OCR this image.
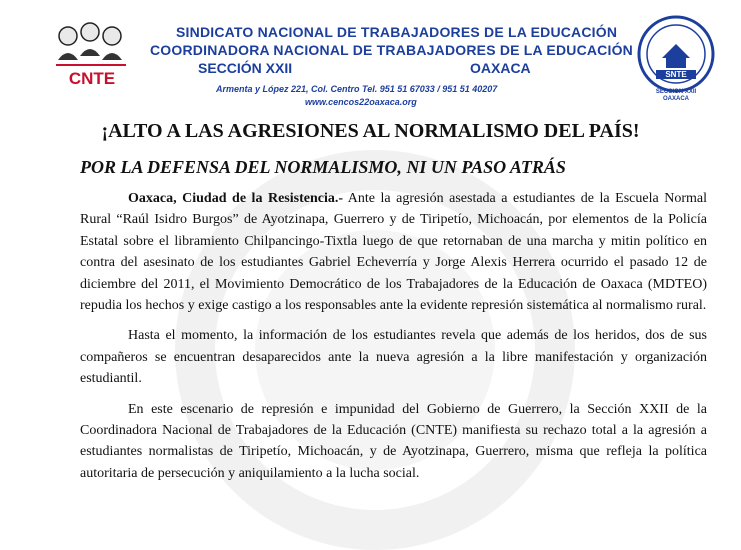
CNTE
SINDICATO NACIONAL DE TRABAJADORES DE LA EDUCACIÓN
COORDINADORA NACIONAL DE TRABAJADORES DE LA EDUCACIÓN
SECCIÓN XXII	OAXACA
Armenta y López 221, Col. Centro Tel. 951 51 67033 / 951 51 40207
www.cencos22oaxaca.org
SNTE
SECCION XXII
OAXACA
¡ALTO A LAS AGRESIONES AL NORMALISMO DEL PAÍS!
POR LA DEFENSA DEL NORMALISMO, NI UN PASO ATRÁS

Oaxaca, Ciudad de la Resistencia.- Ante la agresión asestada a estudiantes de la Escuela Normal Rural “Raúl Isidro Burgos” de Ayotzinapa, Guerrero y de Tiripetío, Michoacán, por elementos de la Policía Estatal sobre el libramiento Chilpancingo-Tixtla luego de que retornaban de una marcha y mitin político en contra del asesinato de los estudiantes Gabriel Echeverría y Jorge Alexis Herrera ocurrido el pasado 12 de diciembre del 2011, el Movimiento Democrático de los Trabajadores de la Educación de Oaxaca (MDTEO) repudia los hechos y exige castigo a los responsables ante la evidente represión sistemática al normalismo rural.

Hasta el momento, la información de los estudiantes revela que además de los heridos, dos de sus compañeros se encuentran desaparecidos ante la nueva agresión a la libre manifestación y organización estudiantil.

En este escenario de represión e impunidad del Gobierno de Guerrero, la Sección XXII de la Coordinadora Nacional de Trabajadores de la Educación (CNTE) manifiesta su rechazo total a la agresión a estudiantes normalistas de Tiripetío, Michoacán, y de Ayotzinapa, Guerrero, misma que refleja la política autoritaria de persecución y aniquilamiento a la lucha social.
